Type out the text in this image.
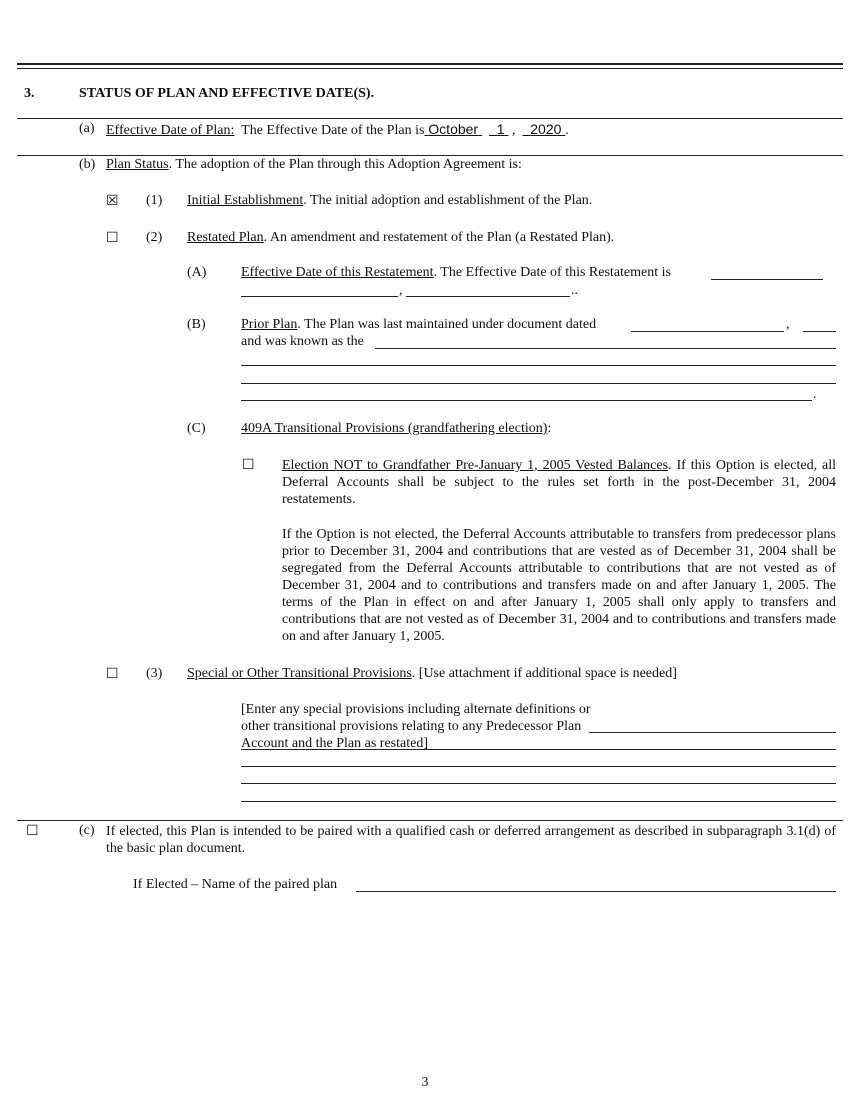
3.	STATUS OF PLAN AND EFFECTIVE DATE(S).
(a) Effective Date of Plan: The Effective Date of the Plan is October 1  ,    2020 .
(b) Plan Status. The adoption of the Plan through this Adoption Agreement is:
☒ (1) Initial Establishment. The initial adoption and establishment of the Plan.
☐ (2) Restated Plan. An amendment and restatement of the Plan (a Restated Plan).
(A) Effective Date of this Restatement. The Effective Date of this Restatement is
,	..
(B)	Prior Plan. The Plan was last maintained under document dated	,
and was known as the
.
(C)	409A Transitional Provisions (grandfathering election):
☐ Election NOT to Grandfather Pre-January 1, 2005 Vested Balances. If this Option is elected, all Deferral Accounts shall be subject to the rules set forth in the post-December 31, 2004 restatements.
If the Option is not elected, the Deferral Accounts attributable to transfers from predecessor plans prior to December 31, 2004 and contributions that are vested as of December 31, 2004 shall be segregated from the Deferral Accounts attributable to contributions that are not vested as of December 31, 2004 and to contributions and transfers made on and after January 1, 2005. The terms of the Plan in effect on and after January 1, 2005 shall only apply to transfers and contributions that are not vested as of December 31, 2004 and to contributions and transfers made on and after January 1, 2005.
☐ (3) Special or Other Transitional Provisions. [Use attachment if additional space is needed]
[Enter any special provisions including alternate definitions or other transitional provisions relating to any Predecessor Plan Account and the Plan as restated]
☐	(c) If elected, this Plan is intended to be paired with a qualified cash or deferred arrangement as described in subparagraph 3.1(d) of the basic plan document.
If Elected – Name of the paired plan
3
